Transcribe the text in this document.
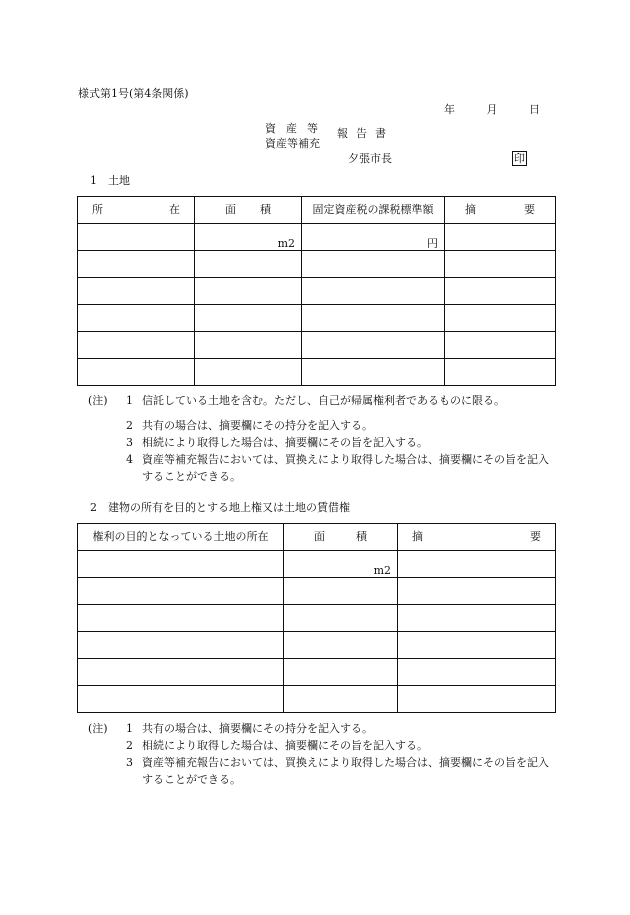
様式第1号(第4条関係)
年	月	日
資産等
資産等補充
報告書
夕張市長	印
1　土地
所 在	面 積	固定資産税の課税標準額	摘 要

	m2	円	

(注)	1 信託している土地を含む。ただし、自己が帰属権利者であるものに限る。
2 共有の場合は、摘要欄にその持分を記入する。
3 相続により取得した場合は、摘要欄にその旨を記入する。
4 資産等補充報告においては、買換えにより取得した場合は、摘要欄にその旨を記入することができる。
2　建物の所有を目的とする地上権又は土地の賃借権
権利の目的となっている土地の所在	面 積	摘 要

	m2	

(注)	1 共有の場合は、摘要欄にその持分を記入する。
2 相続により取得した場合は、摘要欄にその旨を記入する。
3 資産等補充報告においては、買換えにより取得した場合は、摘要欄にその旨を記入することができる。
